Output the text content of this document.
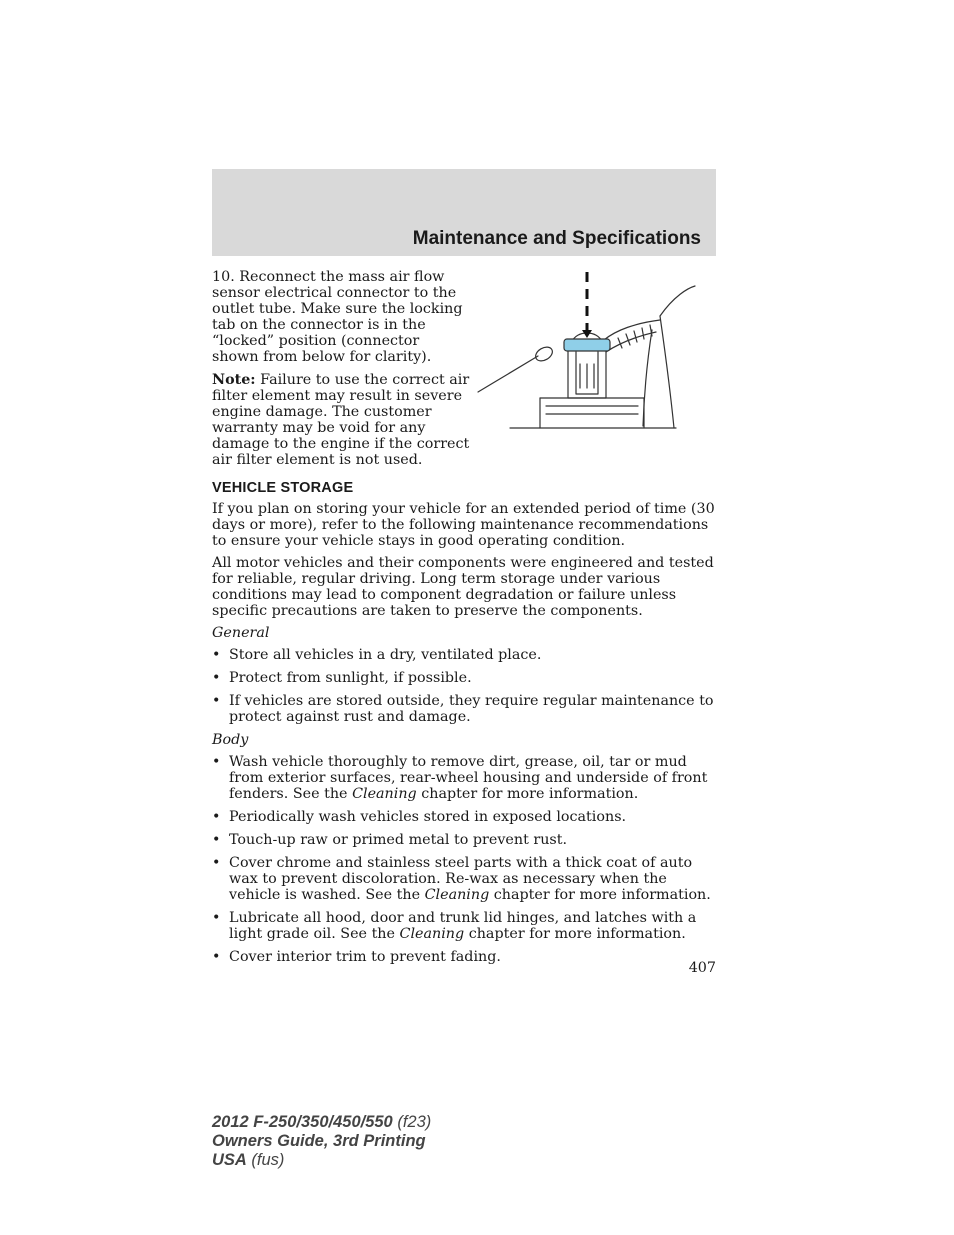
Maintenance and Specifications

10. Reconnect the mass air flow sensor electrical connector to the outlet tube. Make sure the locking tab on the connector is in the “locked” position (connector shown from below for clarity).

Note: Failure to use the correct air filter element may result in severe engine damage. The customer warranty may be void for any damage to the engine if the correct air filter element is not used.

VEHICLE STORAGE

If you plan on storing your vehicle for an extended period of time (30 days or more), refer to the following maintenance recommendations to ensure your vehicle stays in good operating condition.

All motor vehicles and their components were engineered and tested for reliable, regular driving. Long term storage under various conditions may lead to component degradation or failure unless specific precautions are taken to preserve the components.

General
• Store all vehicles in a dry, ventilated place.
• Protect from sunlight, if possible.
• If vehicles are stored outside, they require regular maintenance to protect against rust and damage.
Body
• Wash vehicle thoroughly to remove dirt, grease, oil, tar or mud from exterior surfaces, rear-wheel housing and underside of front fenders. See the Cleaning chapter for more information.
• Periodically wash vehicles stored in exposed locations.
• Touch-up raw or primed metal to prevent rust.
• Cover chrome and stainless steel parts with a thick coat of auto wax to prevent discoloration. Re-wax as necessary when the vehicle is washed. See the Cleaning chapter for more information.
• Lubricate all hood, door and trunk lid hinges, and latches with a light grade oil. See the Cleaning chapter for more information.
• Cover interior trim to prevent fading.
407
2012 F-250/350/450/550 (f23)
Owners Guide, 3rd Printing
USA (fus)
